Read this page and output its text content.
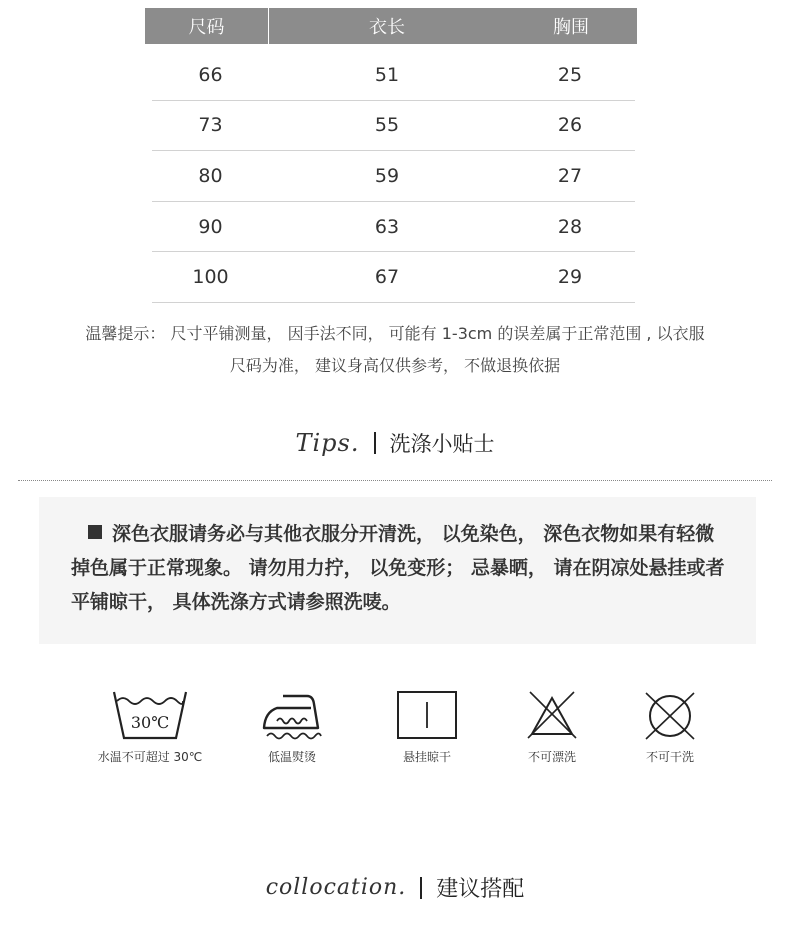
尺码	衣长	胸围
66	51	25
73	55	26
80	59	27
90	63	28
100	67	29
温馨提示： 尺寸平铺测量， 因手法不同， 可能有 1-3cm 的误差属于正常范围 , 以衣服
尺码为准， 建议身高仅供参考， 不做退换依据
Tips. 洗涤小贴士

深色衣服请务必与其他衣服分开清洗， 以免染色， 深色衣物如果有轻微掉色属于正常现象。 请勿用力拧， 以免变形； 忌暴晒， 请在阴凉处悬挂或者平铺晾干， 具体洗涤方式请参照洗唛。

30℃
水温不可超过 30℃	低温熨烫	悬挂晾干	不可漂洗	不可干洗
collocation. 建议搭配
